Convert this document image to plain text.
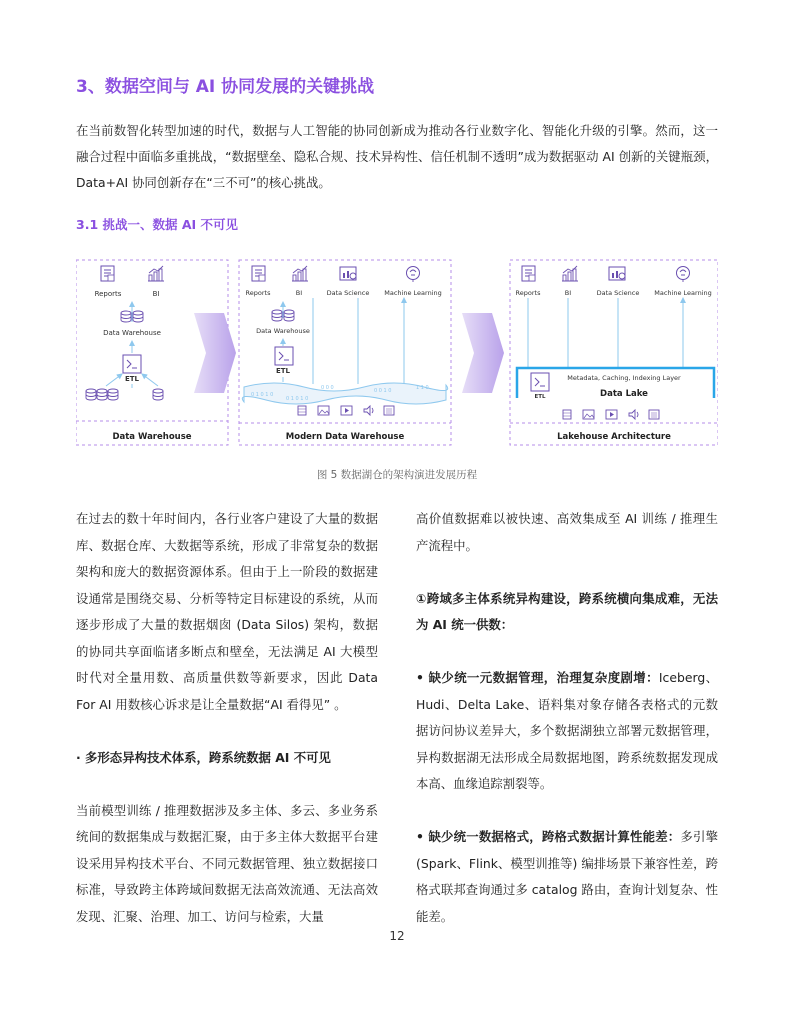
3、数据空间与 AI 协同发展的关键挑战

在当前数智化转型加速的时代，数据与人工智能的协同创新成为推动各行业数字化、智能化升级的引擎。然而，这一融合过程中面临多重挑战，“数据壁垒、隐私合规、技术异构性、信任机制不透明”成为数据驱动 AI 创新的关键瓶颈，Data+AI 协同创新存在“三不可”的核心挑战。

3.1 挑战一、数据 AI 不可见
Reports	BI
Data Warehouse
ETL
Data Warehouse
Reports	BI	Data Science Machine Learning
Data Warehouse
ETL
0 1 0 1 0
0 0 0	0 0 1 0
0 1 0 1 0
1 1 0
Modern Data Warehouse
Reports	BI	Data Science Machine Learning
ETL
Metadata, Caching, Indexing Layer
Data Lake
Lakehouse Architecture
图 5 数据湖仓的架构演进发展历程

在过去的数十年时间内，各行业客户建设了大量的数据库、数据仓库、大数据等系统，形成了非常复杂的数据架构和庞大的数据资源体系。但由于上一阶段的数据建设通常是围绕交易、分析等特定目标建设的系统，从而逐步形成了大量的数据烟囱 (Data Silos) 架构，数据的协同共享面临诸多断点和壁垒，无法满足 AI 大模型时代对全量用数、高质量供数等新要求，因此 Data For AI 用数核心诉求是让全量数据“AI 看得见” 。

· 多形态异构技术体系，跨系统数据 AI 不可见

当前模型训练 / 推理数据涉及多主体、多云、多业务系统间的数据集成与数据汇聚，由于多主体大数据平台建设采用异构技术平台、不同元数据管理、独立数据接口标准，导致跨主体跨域间数据无法高效流通、无法高效发现、汇聚、治理、加工、访问与检索，大量

高价值数据难以被快速、高效集成至 AI 训练 / 推理生产流程中。

①跨域多主体系统异构建设，跨系统横向集成难，无法为 AI 统一供数：

• 缺少统一元数据管理，治理复杂度剧增：Iceberg、Hudi、Delta Lake、语料集对象存储各表格式的元数据访问协议差异大，多个数据湖独立部署元数据管理，异构数据湖无法形成全局数据地图，跨系统数据发现成本高、血缘追踪割裂等。

• 缺少统一数据格式，跨格式数据计算性能差：多引擎 (Spark、Flink、模型训推等) 编排场景下兼容性差，跨格式联邦查询通过多 catalog 路由，查询计划复杂、性能差。

12
